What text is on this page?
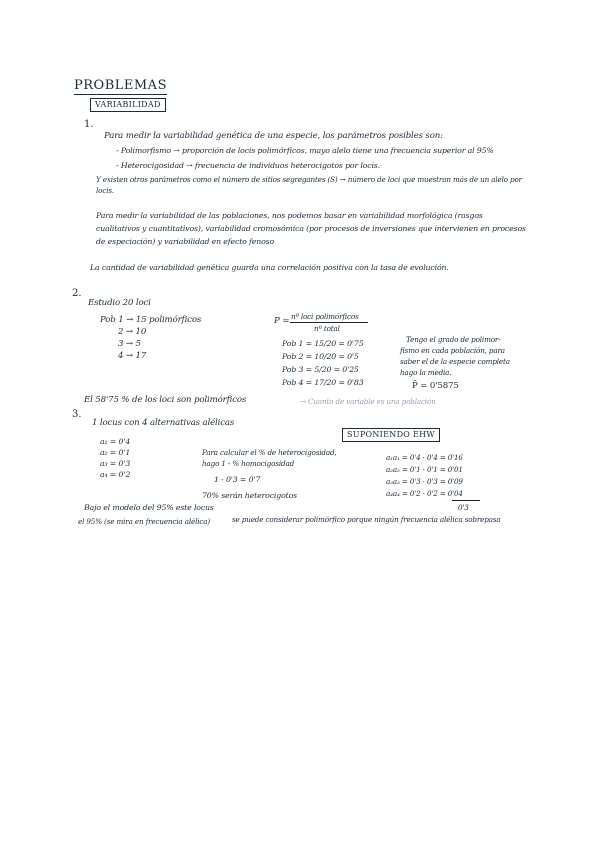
PROBLEMAS
VARIABILIDAD
1.
Para medir la variabilidad genética de una especie, los parámetros posibles son:
- Polimorfismo → proporción de locis polimórficos, mayo alelo tiene una frecuencia superior al 95%
- Heterocigosidad → frecuencia de individuos heterocigotos por locis.
Y existen otros parámetros como el número de sitios segregantes (S) → número de loci que muestran más de un alelo por locis.
Para medir la variabilidad de las poblaciones, nos podemos basar en variabilidad morfológica (rasgos cualitativos y cuantitativos), variabilidad cromosómica (por procesos de inversiones que intervienen en procesos de especiación) y variabilidad en efecto fenoso
La cantidad de variabilidad genética guarda una correlación positiva con la tasa de evolución.
2.
Estudio 20 loci
Pob 1 → 15 polimórficos
2 → 10
3 → 5
4 → 17
P = nº loci polimórficos
nº total
Pob 1 = 15/20 = 0'75
Pob 2 = 10/20 = 0'5
Pob 3 = 5/20 = 0'25
Pob 4 = 17/20 = 0'83
Tengo el grado de polimor-
fismo en cada población, para
saber el de la especie completa
hago la media.
P̄ = 0'5875
El 58'75 % de los loci son polimórficos	→ Cuanto de variable es una población
3.
1 locus con 4 alternativas alélicas
a₁ = 0'4
a₂ = 0'1
a₃ = 0'3
a₄ = 0'2
Para calcular el % de heterocigosidad,
hago 1 - % homocigosidad
1 - 0'3 = 0'7
70% serán heterocigotos
SUPONIENDO EHW
a₁a₁ = 0'4 · 0'4 = 0'16
a₂a₂ = 0'1 · 0'1 = 0'01
a₃a₃ = 0'3 · 0'3 = 0'09
a₄a₄ = 0'2 · 0'2 = 0'04
0'3
Bajo el modelo del 95% este locus
se puede considerar polimórfico porque ningún frecuencia alélica sobrepasa
el 95% (se mira en frecuencia alélica)
